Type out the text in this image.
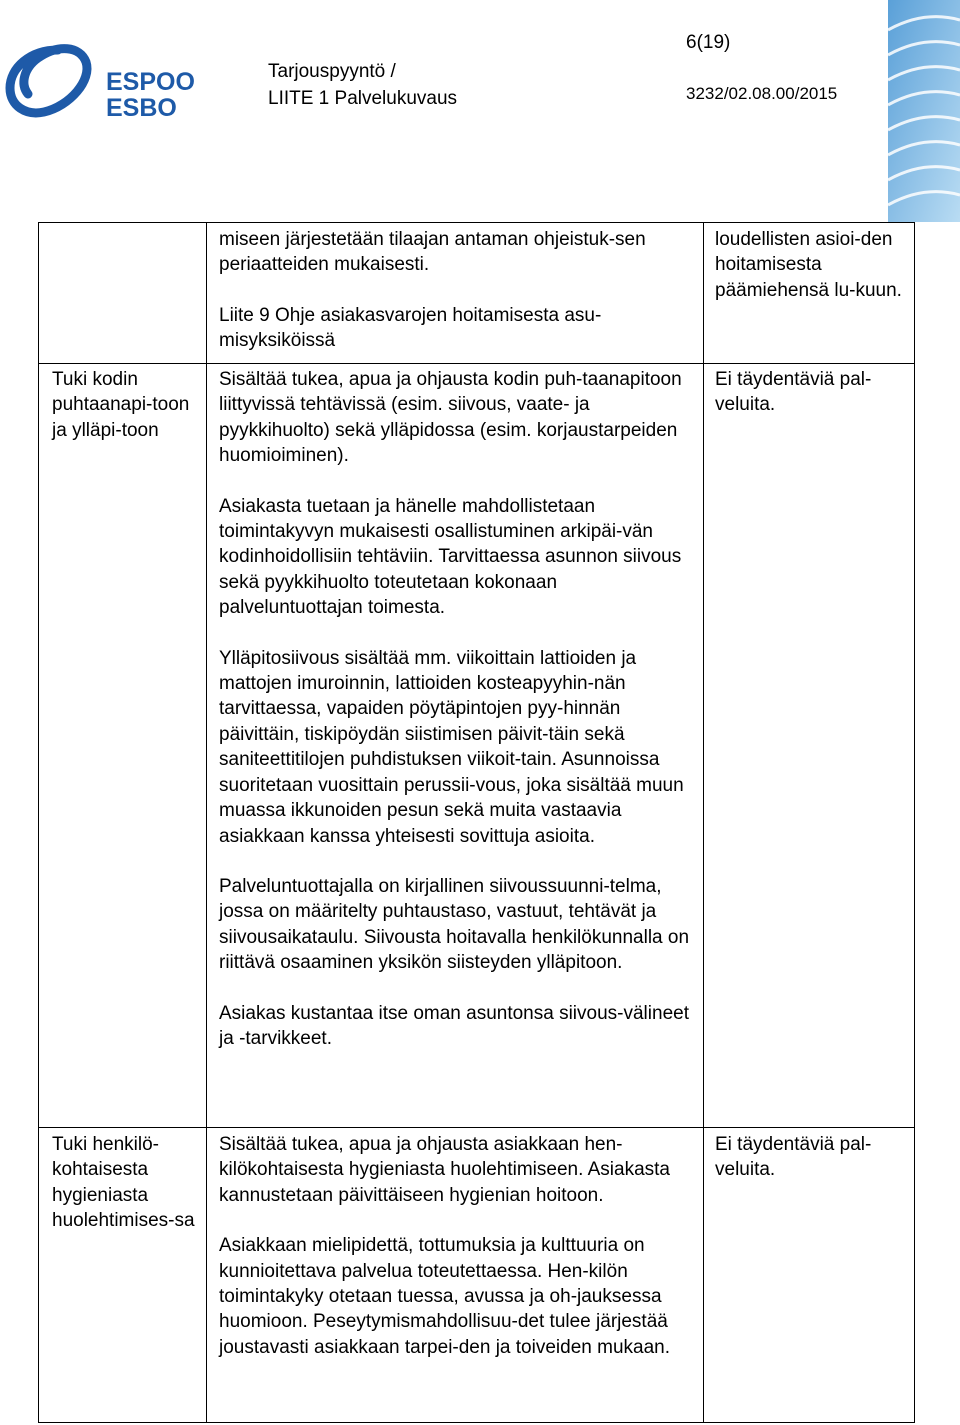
ESPOO
ESBO
Tarjouspyyntö /
LIITE 1 Palvelukuvaus
6(19)
3232/02.08.00/2015

miseen järjestetään tilaajan antaman ohjeistuk-sen periaatteiden mukaisesti.

Liite 9 Ohje asiakasvarojen hoitamisesta asu-misyksiköissä

loudellisten asioi-den hoitamisesta päämiehensä lu-kuun.
Tuki kodin puhtaanapi-toon ja ylläpi-toon

Sisältää tukea, apua ja ohjausta kodin puh-taanapitoon liittyvissä tehtävissä (esim. siivous, vaate- ja pyykkihuolto) sekä ylläpidossa (esim. korjaustarpeiden huomioiminen).

Asiakasta tuetaan ja hänelle mahdollistetaan toimintakyvyn mukaisesti osallistuminen arkipäi-vän kodinhoidollisiin tehtäviin. Tarvittaessa asunnon siivous sekä pyykkihuolto toteutetaan kokonaan palveluntuottajan toimesta.

Ylläpitosiivous sisältää mm. viikoittain lattioiden ja mattojen imuroinnin, lattioiden kosteapyyhin-nän tarvittaessa, vapaiden pöytäpintojen pyy-hinnän päivittäin, tiskipöydän siistimisen päivit-täin sekä saniteettitilojen puhdistuksen viikoit-tain. Asunnoissa suoritetaan vuosittain perussii-vous, joka sisältää muun muassa ikkunoiden pesun sekä muita vastaavia asiakkaan kanssa yhteisesti sovittuja asioita.

Palveluntuottajalla on kirjallinen siivoussuunni-telma, jossa on määritelty puhtaustaso, vastuut, tehtävät ja siivousaikataulu. Siivousta hoitavalla henkilökunnalla on riittävä osaaminen yksikön siisteyden ylläpitoon.

Asiakas kustantaa itse oman asuntonsa siivous-välineet ja -tarvikkeet.

Ei täydentäviä pal-veluita.
Tuki henkilö-kohtaisesta hygieniasta huolehtimises-sa

Sisältää tukea, apua ja ohjausta asiakkaan hen-kilökohtaisesta hygieniasta huolehtimiseen. Asiakasta kannustetaan päivittäiseen hygienian hoitoon.

Asiakkaan mielipidettä, tottumuksia ja kulttuuria on kunnioitettava palvelua toteutettaessa. Hen-kilön toimintakyky otetaan tuessa, avussa ja oh-jauksessa huomioon. Peseytymismahdollisuu-det tulee järjestää joustavasti asiakkaan tarpei-den ja toiveiden mukaan.

Ei täydentäviä pal-veluita.
